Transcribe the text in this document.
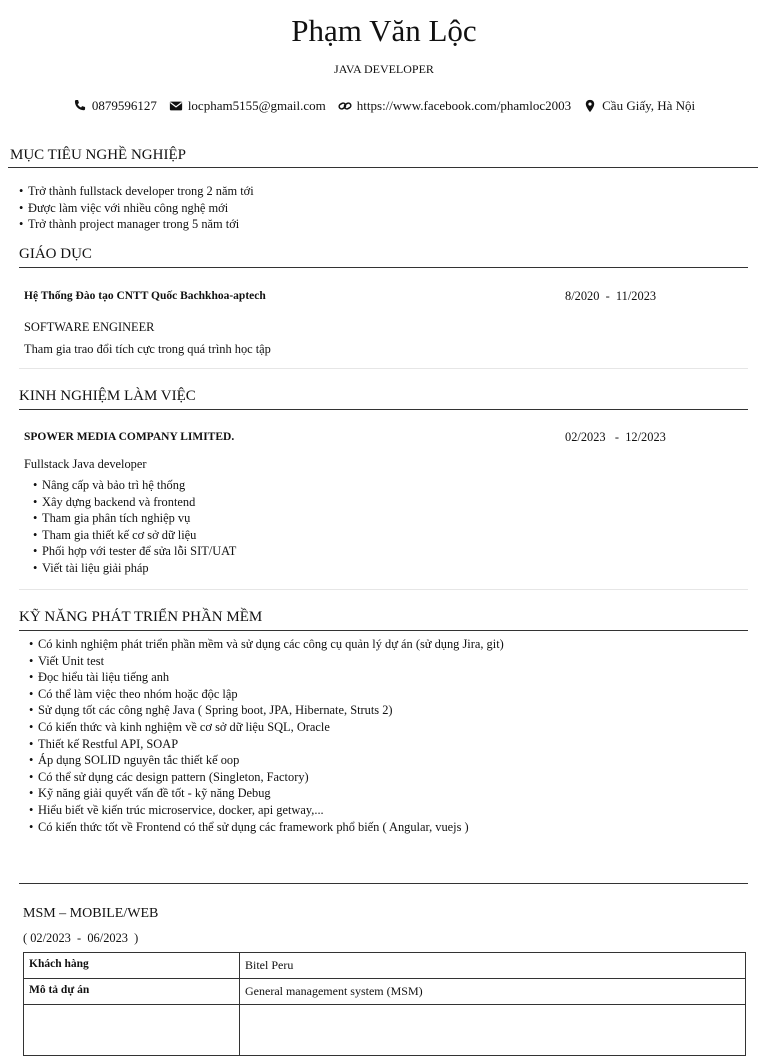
Phạm Văn Lộc
JAVA DEVELOPER
0879596127 locpham5155@gmail.com https://www.facebook.com/phamloc2003 Cầu Giấy, Hà Nội
MỤC TIÊU NGHỀ NGHIỆP
• Trở thành fullstack developer trong 2 năm tới
• Được làm việc với nhiều công nghệ mới
• Trở thành project manager trong 5 năm tới
GIÁO DỤC
Hệ Thống Đào tạo CNTT Quốc Bachkhoa-aptech	8/2020  -  11/2023
SOFTWARE ENGINEER
Tham gia trao đổi tích cực trong quá trình học tập
KINH NGHIỆM LÀM VIỆC
SPOWER MEDIA COMPANY LIMITED.	02/2023   -  12/2023
Fullstack Java developer
• Nâng cấp và bảo trì hệ thống
• Xây dựng backend và frontend
• Tham gia phân tích nghiệp vụ
• Tham gia thiết kế cơ sở dữ liệu
• Phối hợp với tester để sửa lỗi SIT/UAT
• Viết tài liệu giải pháp
KỸ NĂNG PHÁT TRIỂN PHẦN MỀM
• Có kinh nghiệm phát triển phần mềm và sử dụng các công cụ quản lý dự án (sử dụng Jira, git)
• Viết Unit test
• Đọc hiểu tài liệu tiếng anh
• Có thể làm việc theo nhóm hoặc độc lập
• Sử dụng tốt các công nghệ Java ( Spring boot, JPA, Hibernate, Struts 2)
• Có kiến thức và kinh nghiệm về cơ sở dữ liệu SQL, Oracle
• Thiết kế Restful API, SOAP
• Áp dụng SOLID nguyên tắc thiết kế oop
• Có thể sử dụng các design pattern (Singleton, Factory)
• Kỹ năng giải quyết vấn đề tốt - kỹ năng Debug
• Hiểu biết về kiến trúc microservice, docker, api getway,...
• Có kiến thức tốt về Frontend có thể sử dụng các framework phổ biến ( Angular, vuejs )
MSM – MOBILE/WEB
( 02/2023  -  06/2023  )
Khách hàng	Bitel Peru
Mô tả dự án	General management system (MSM)
